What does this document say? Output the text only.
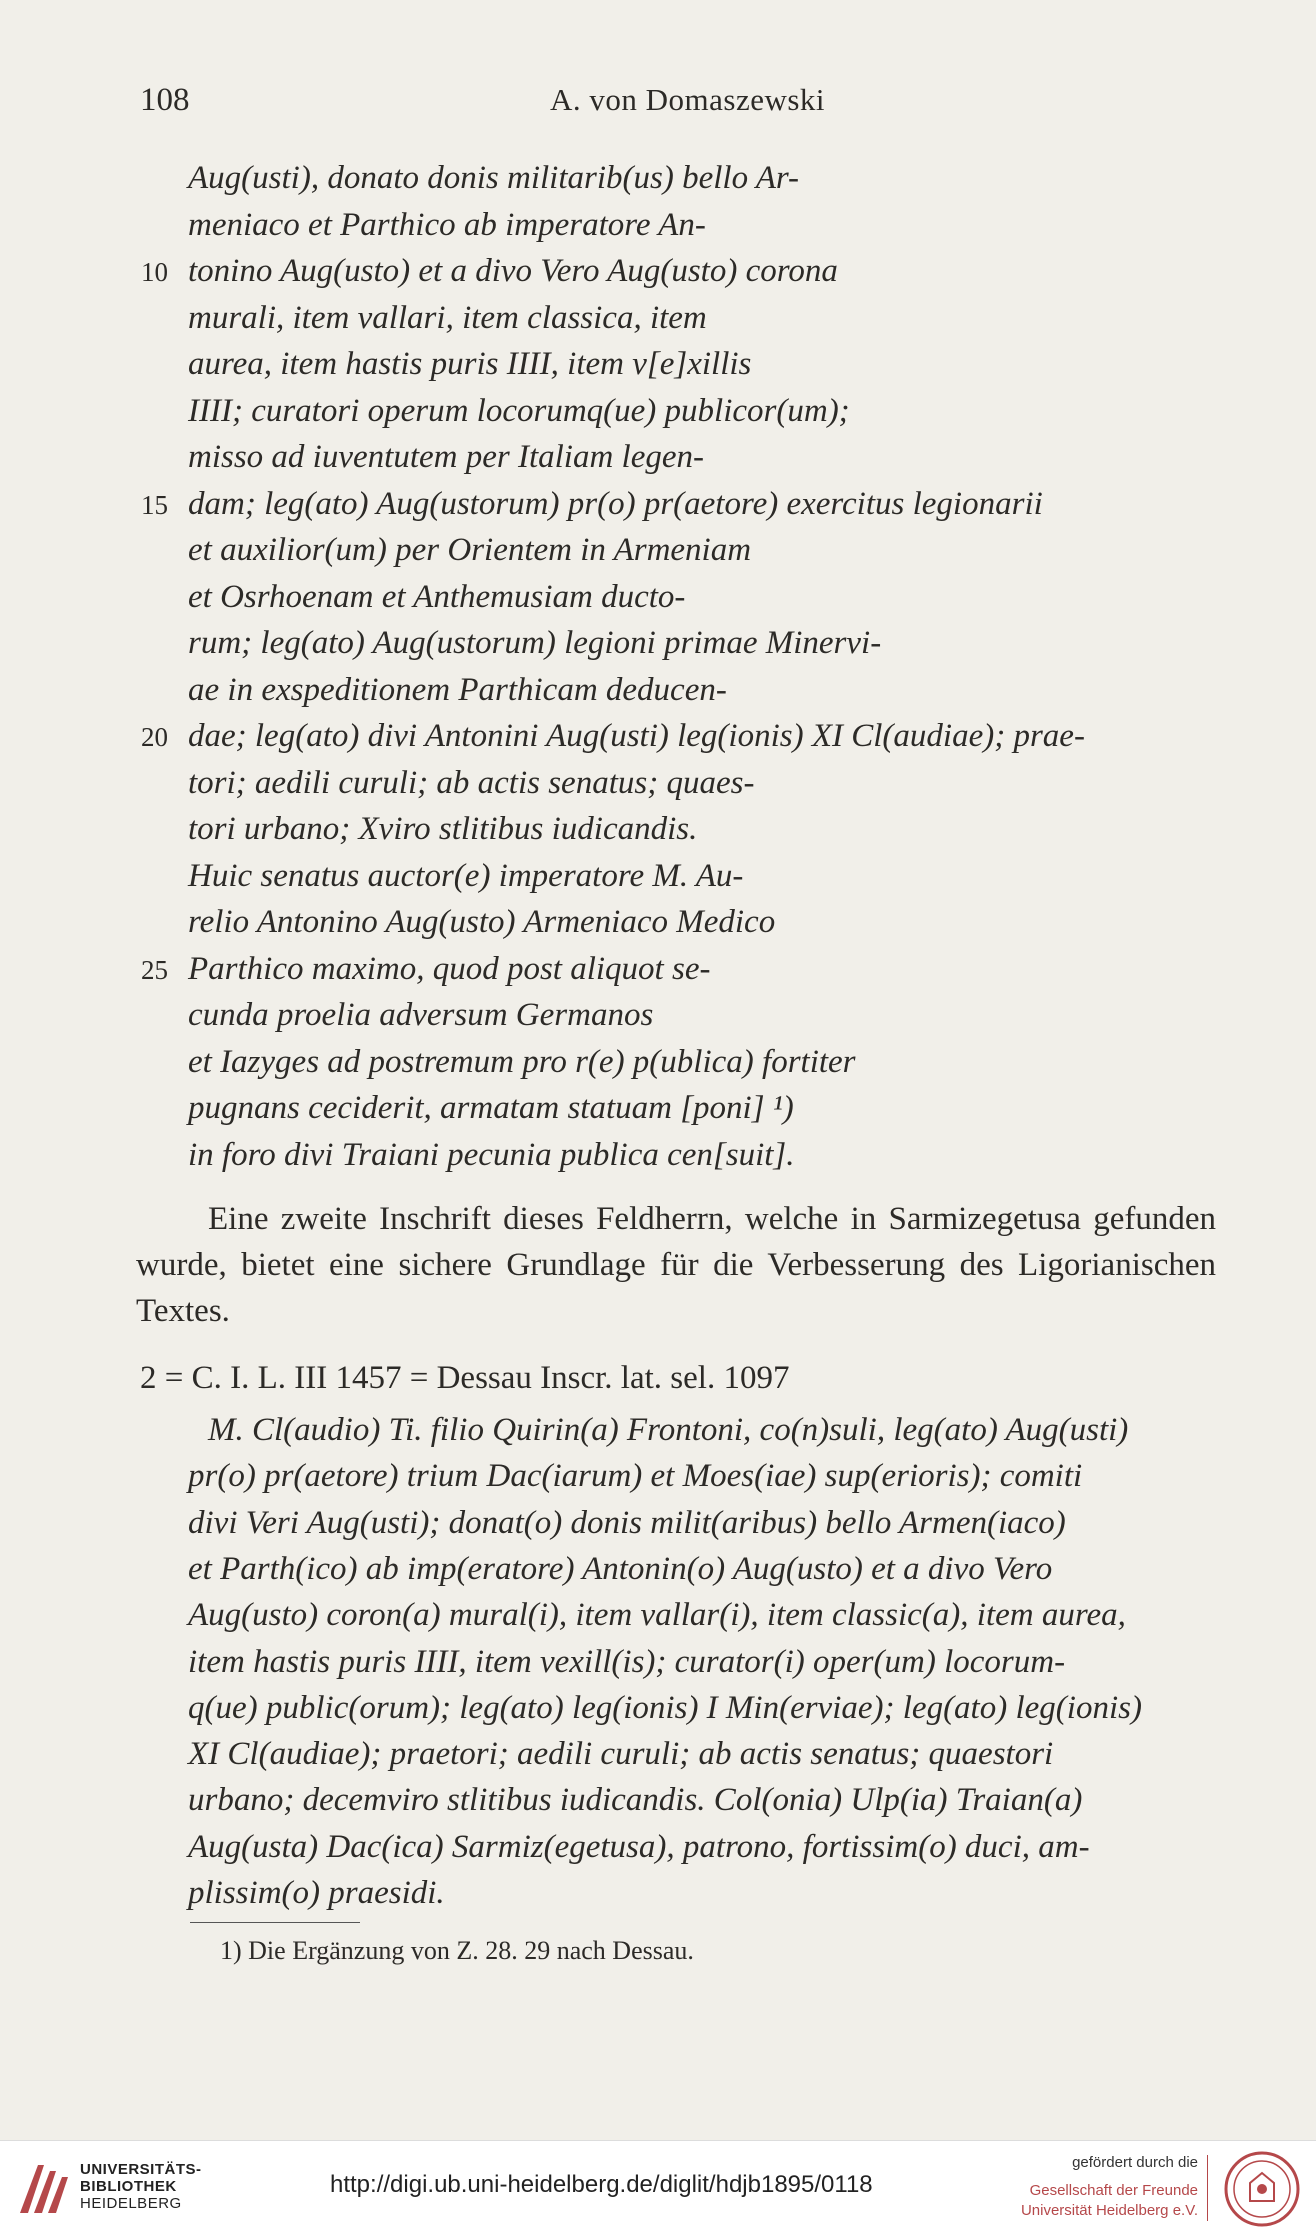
108	A. von Domaszewski
Aug(usti), donato donis militarib(us) bello Ar-
meniaco et Parthico ab imperatore An-
10 tonino Aug(usto) et a divo Vero Aug(usto) corona
murali, item vallari, item classica, item
aurea, item hastis puris IIII, item v[e]xillis
IIII; curatori operum locorumq(ue) publicor(um);
misso ad iuventutem per Italiam legen-
15 dam; leg(ato) Aug(ustorum) pr(o) pr(aetore) exercitus legionarii
et auxilior(um) per Orientem in Armeniam
et Osrhoenam et Anthemusiam ducto-
rum; leg(ato) Aug(ustorum) legioni primae Minervi-
ae in exspeditionem Parthicam deducen-
20 dae; leg(ato) divi Antonini Aug(usti) leg(ionis) XI Cl(audiae); prae-
tori; aedili curuli; ab actis senatus; quaes-
tori urbano; Xviro stlitibus iudicandis.
Huic senatus auctor(e) imperatore M. Au-
relio Antonino Aug(usto) Armeniaco Medico
25 Parthico maximo, quod post aliquot se-
cunda proelia adversum Germanos
et Iazyges ad postremum pro r(e) p(ublica) fortiter
pugnans ceciderit, armatam statuam [poni] ¹)
in foro divi Traiani pecunia publica cen[suit].
Eine zweite Inschrift dieses Feldherrn, welche in Sarmizegetusa gefunden wurde, bietet eine sichere Grundlage für die Verbesserung des Ligorianischen Textes.
2 = C. I. L. III 1457 = Dessau Inscr. lat. sel. 1097
M. Cl(audio) Ti. filio Quirin(a) Frontoni, co(n)suli, leg(ato) Aug(usti)
pr(o) pr(aetore) trium Dac(iarum) et Moes(iae) sup(erioris); comiti
divi Veri Aug(usti); donat(o) donis milit(aribus) bello Armen(iaco)
et Parth(ico) ab imp(eratore) Antonin(o) Aug(usto) et a divo Vero
Aug(usto) coron(a) mural(i), item vallar(i), item classic(a), item aurea,
item hastis puris IIII, item vexill(is); curator(i) oper(um) locorum-
q(ue) public(orum); leg(ato) leg(ionis) I Min(erviae); leg(ato) leg(ionis)
XI Cl(audiae); praetori; aedili curuli; ab actis senatus; quaestori
urbano; decemviro stlitibus iudicandis. Col(onia) Ulp(ia) Traian(a)
Aug(usta) Dac(ica) Sarmiz(egetusa), patrono, fortissim(o) duci, am-
plissim(o) praesidi.
1) Die Ergänzung von Z. 28. 29 nach Dessau.
UNIVERSITÄTS-
BIBLIOTHEK
HEIDELBERG
http://digi.ub.uni-heidelberg.de/diglit/hdjb1895/0118
gefördert durch die
Gesellschaft der Freunde
Universität Heidelberg e.V.
